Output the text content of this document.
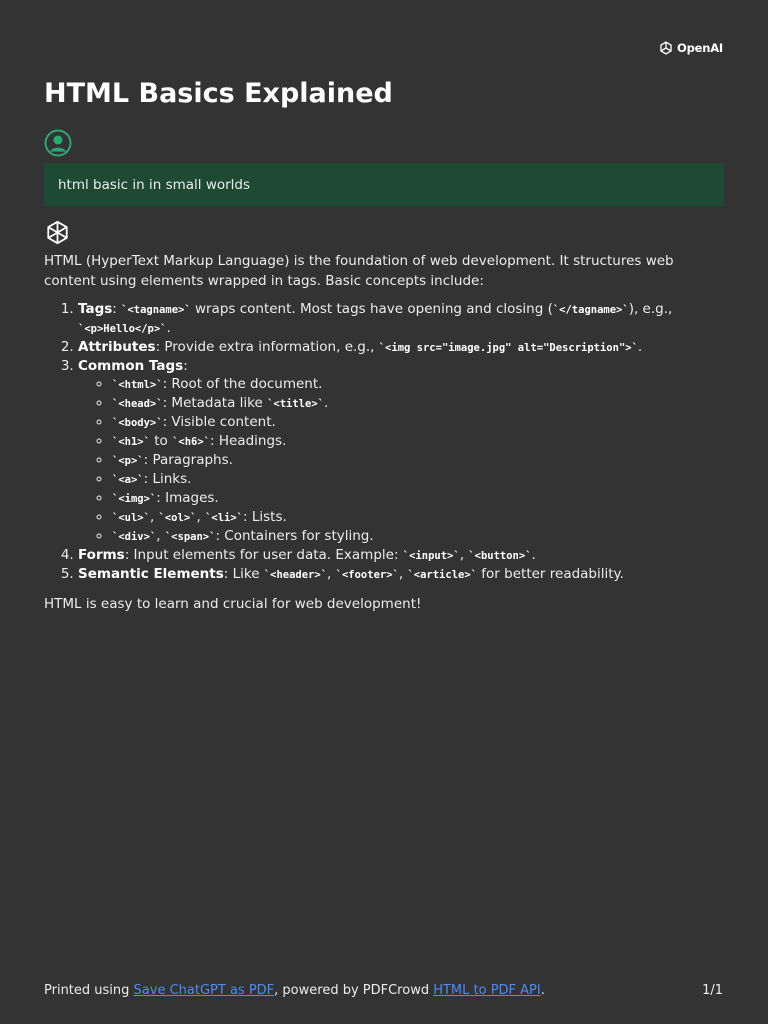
OpenAI
HTML Basics Explained
html basic in in small worlds

HTML (HyperText Markup Language) is the foundation of web development. It structures web content using elements wrapped in tags. Basic concepts include:

1. Tags: `<tagname>` wraps content. Most tags have opening and closing (`</tagname>`), e.g., `<p>Hello</p>`.
2. Attributes: Provide extra information, e.g., `<img src="image.jpg" alt="Description">`.
3. Common Tags:
◦ `<html>`: Root of the document.
◦ `<head>`: Metadata like `<title>`.
◦ `<body>`: Visible content.
◦ `<h1>` to `<h6>`: Headings.
◦ `<p>`: Paragraphs.
◦ `<a>`: Links.
◦ `<img>`: Images.
◦ `<ul>`, `<ol>`, `<li>`: Lists.
◦ `<div>`, `<span>`: Containers for styling.
4. Forms: Input elements for user data. Example: `<input>`, `<button>`.
5. Semantic Elements: Like `<header>`, `<footer>`, `<article>` for better readability.

HTML is easy to learn and crucial for web development!

Printed using Save ChatGPT as PDF, powered by PDFCrowd HTML to PDF API.	1/1
